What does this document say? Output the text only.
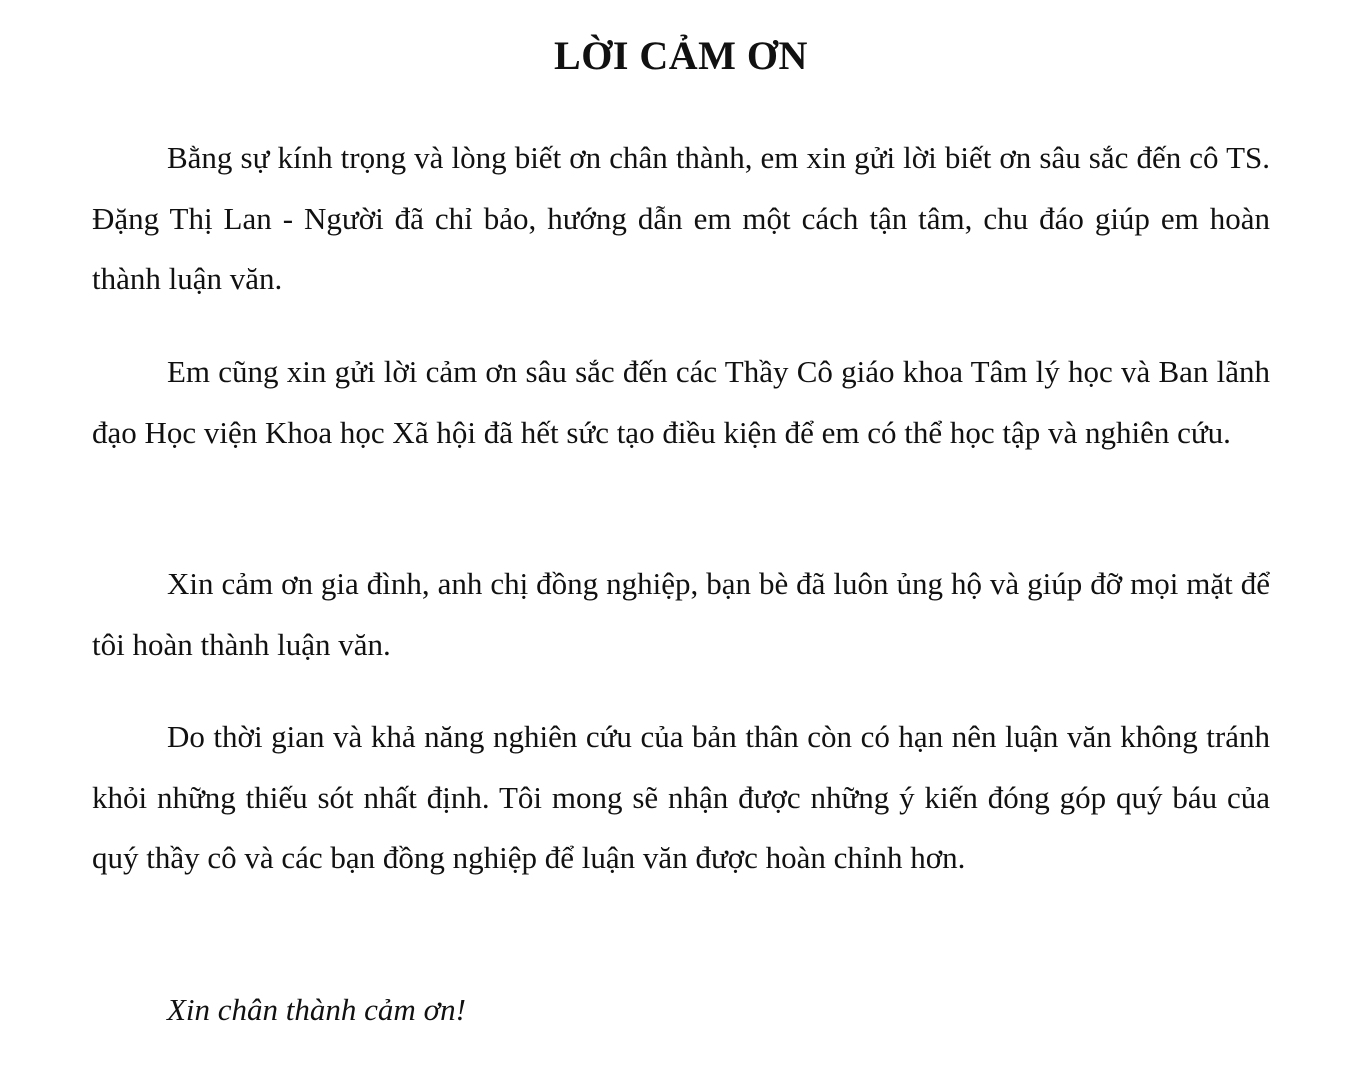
LỜI CẢM ƠN

Bằng sự kính trọng và lòng biết ơn chân thành, em xin gửi lời biết ơn sâu sắc đến cô TS. Đặng Thị Lan - Người đã chỉ bảo, hướng dẫn em một cách tận tâm, chu đáo giúp em hoàn thành luận văn.

Em cũng xin gửi lời cảm ơn sâu sắc đến các Thầy Cô giáo khoa Tâm lý học và Ban lãnh đạo Học viện Khoa học Xã hội đã hết sức tạo điều kiện để em có thể học tập và nghiên cứu.

Xin cảm ơn gia đình, anh chị đồng nghiệp, bạn bè đã luôn ủng hộ và giúp đỡ mọi mặt để tôi hoàn thành luận văn.

Do thời gian và khả năng nghiên cứu của bản thân còn có hạn nên luận văn không tránh khỏi những thiếu sót nhất định. Tôi mong sẽ nhận được những ý kiến đóng góp quý báu của quý thầy cô và các bạn đồng nghiệp để luận văn được hoàn chỉnh hơn.

Xin chân thành cảm ơn!
